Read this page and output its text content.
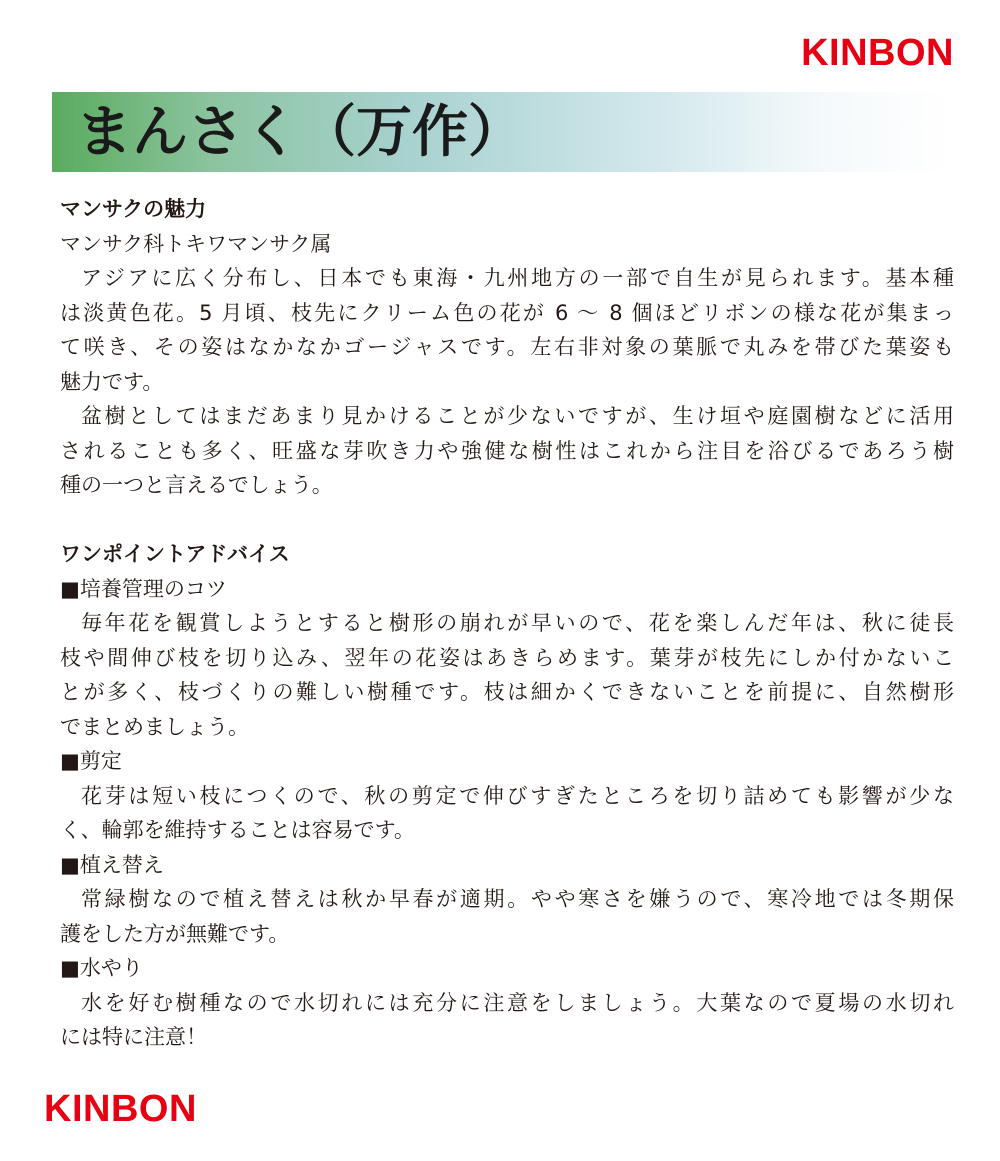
KINBON
まんさく（万作）
マンサクの魅力
マンサク科トキワマンサク属
アジアに広く分布し、日本でも東海・九州地方の一部で自生が見られます。基本種
は淡黄色花。5 月頃、枝先にクリーム色の花が 6 〜 8 個ほどリボンの様な花が集まっ
て咲き、その姿はなかなかゴージャスです。左右非対象の葉脈で丸みを帯びた葉姿も
魅力です。
盆樹としてはまだあまり見かけることが少ないですが、生け垣や庭園樹などに活用
されることも多く、旺盛な芽吹き力や強健な樹性はこれから注目を浴びるであろう樹
種の一つと言えるでしょう。
ワンポイントアドバイス
■培養管理のコツ
毎年花を観賞しようとすると樹形の崩れが早いので、花を楽しんだ年は、秋に徒長
枝や間伸び枝を切り込み、翌年の花姿はあきらめます。葉芽が枝先にしか付かないこ
とが多く、枝づくりの難しい樹種です。枝は細かくできないことを前提に、自然樹形
でまとめましょう。
■剪定
花芽は短い枝につくので、秋の剪定で伸びすぎたところを切り詰めても影響が少な
く、輪郭を維持することは容易です。
■植え替え
常緑樹なので植え替えは秋か早春が適期。やや寒さを嫌うので、寒冷地では冬期保
護をした方が無難です。
■水やり
水を好む樹種なので水切れには充分に注意をしましょう。大葉なので夏場の水切れ
には特に注意！
KINBON
